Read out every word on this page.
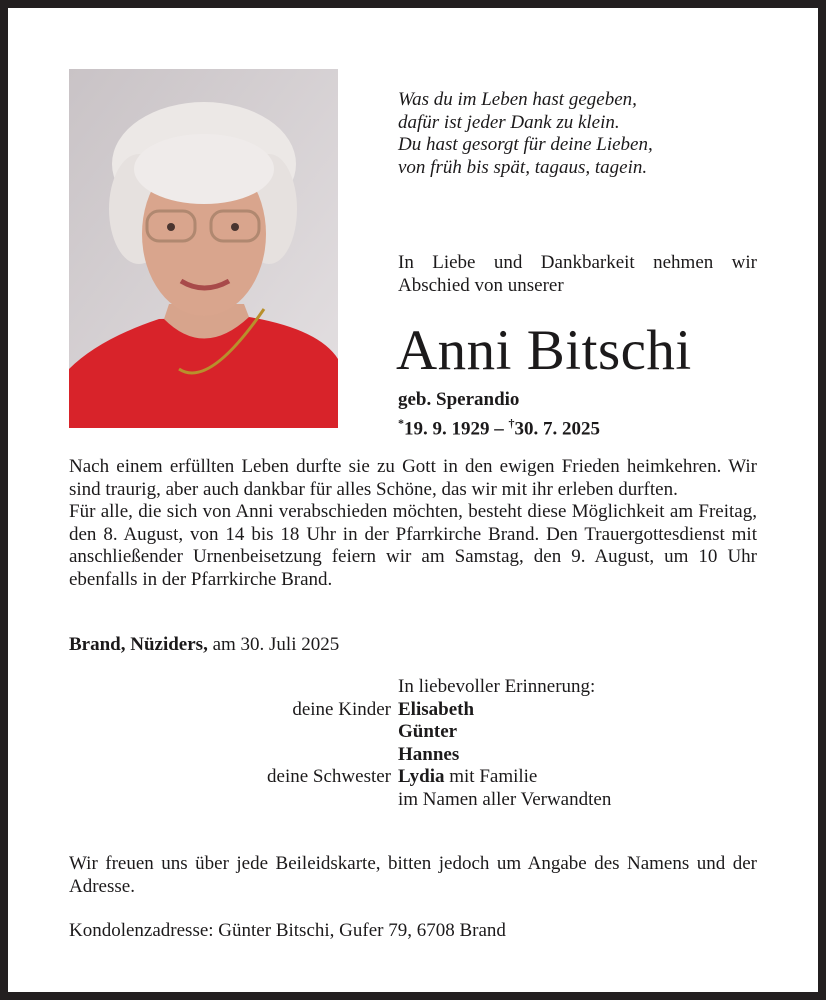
Was du im Leben hast gegeben,
dafür ist jeder Dank zu klein.
Du hast gesorgt für deine Lieben,
von früh bis spät, tagaus, tagein.
In Liebe und Dankbarkeit nehmen wir
Abschied von unserer
Anni Bitschi
geb. Sperandio
*19. 9. 1929 – †30. 7. 2025

Nach einem erfüllten Leben durfte sie zu Gott in den ewigen Frieden heimkehren. Wir sind traurig, aber auch dankbar für alles Schöne, das wir mit ihr erleben durften.

Für alle, die sich von Anni verabschieden möchten, besteht diese Möglichkeit am Freitag, den 8. August, von 14 bis 18 Uhr in der Pfarrkirche Brand. Den Trauergottesdienst mit anschließender Urnenbeisetzung feiern wir am Samstag, den 9. August, um 10 Uhr ebenfalls in der Pfarrkirche Brand.

Brand, Nüziders, am 30. Juli 2025
In liebevoller Erinnerung:
deine Kinder Elisabeth
Günter
Hannes
deine Schwester Lydia mit Familie
im Namen aller Verwandten
Wir freuen uns über jede Beileidskarte, bitten jedoch um Angabe des Namens und der Adresse.
Kondolenzadresse: Günter Bitschi, Gufer 79, 6708 Brand
